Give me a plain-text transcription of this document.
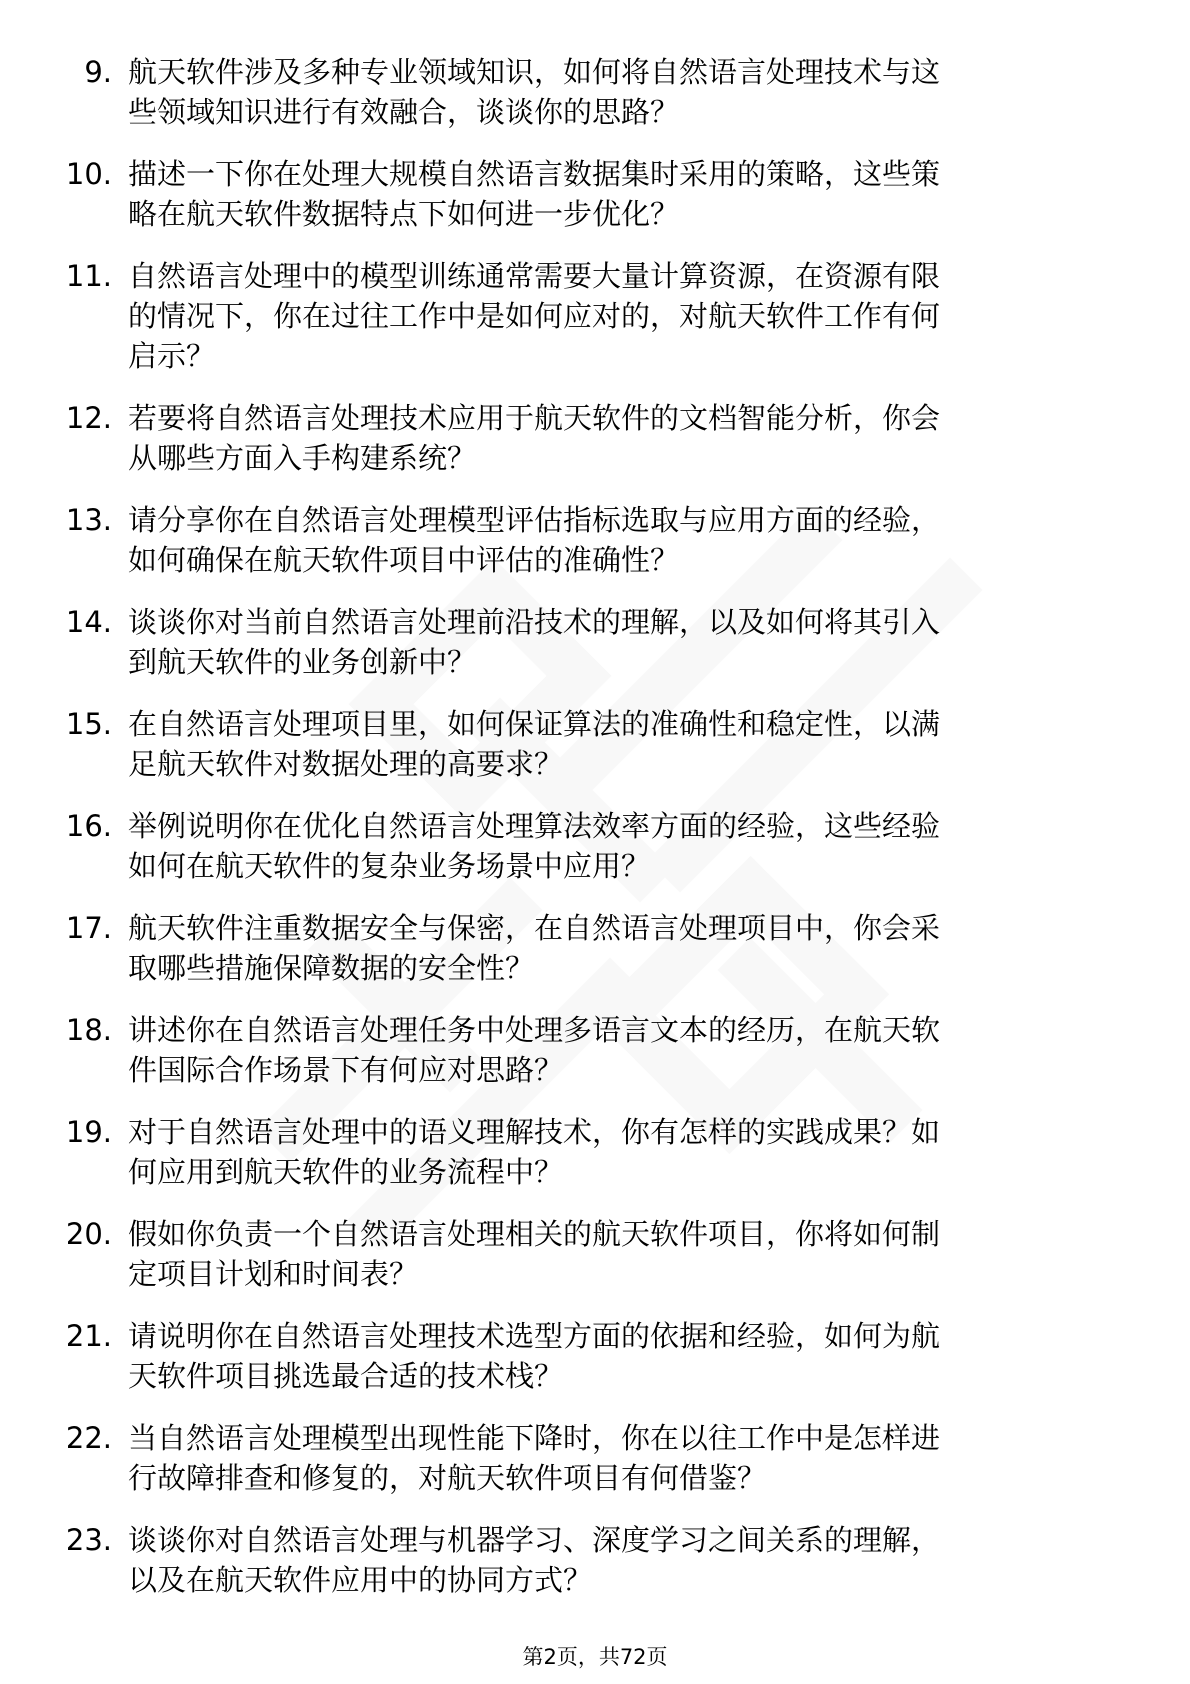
9. 航天软件涉及多种专业领域知识，如何将自然语言处理技术与这
些领域知识进行有效融合，谈谈你的思路？
10. 描述一下你在处理大规模自然语言数据集时采用的策略，这些策
略在航天软件数据特点下如何进一步优化？
11. 自然语言处理中的模型训练通常需要大量计算资源，在资源有限
的情况下，你在过往工作中是如何应对的，对航天软件工作有何
启示？
12. 若要将自然语言处理技术应用于航天软件的文档智能分析，你会
从哪些方面入手构建系统？
13. 请分享你在自然语言处理模型评估指标选取与应用方面的经验，
如何确保在航天软件项目中评估的准确性？
14. 谈谈你对当前自然语言处理前沿技术的理解，以及如何将其引入
到航天软件的业务创新中？
15. 在自然语言处理项目里，如何保证算法的准确性和稳定性，以满
足航天软件对数据处理的高要求？
16. 举例说明你在优化自然语言处理算法效率方面的经验，这些经验
如何在航天软件的复杂业务场景中应用？
17. 航天软件注重数据安全与保密，在自然语言处理项目中，你会采
取哪些措施保障数据的安全性？
18. 讲述你在自然语言处理任务中处理多语言文本的经历，在航天软
件国际合作场景下有何应对思路？
19. 对于自然语言处理中的语义理解技术，你有怎样的实践成果？如
何应用到航天软件的业务流程中？
20. 假如你负责一个自然语言处理相关的航天软件项目，你将如何制
定项目计划和时间表？
21. 请说明你在自然语言处理技术选型方面的依据和经验，如何为航
天软件项目挑选最合适的技术栈？
22. 当自然语言处理模型出现性能下降时，你在以往工作中是怎样进
行故障排查和修复的，对航天软件项目有何借鉴？
23. 谈谈你对自然语言处理与机器学习、深度学习之间关系的理解，
以及在航天软件应用中的协同方式？
第2页，共72页
